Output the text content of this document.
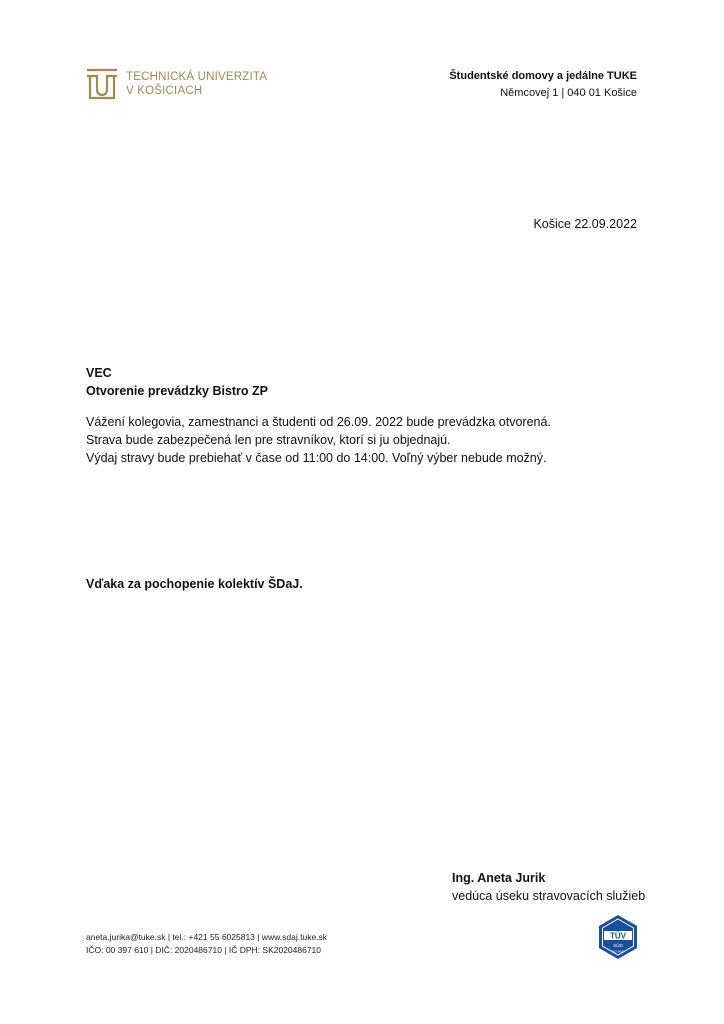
TECHNICKÁ UNIVERZITA
V KOŠICIACH
Študentské domovy a jedálne TUKE
Němcovej 1 | 040 01 Košice
Košice 22.09.2022
VEC
Otvorenie prevádzky Bistro ZP

Vážení kolegovia, zamestnanci a študenti od 26.09. 2022 bude prevádzka otvorená.

Strava bude zabezpečená len pre stravníkov, ktorí si ju objednajú.

Výdaj stravy bude prebiehať v čase od 11:00 do 14:00. Voľný výber nebude možný.

Vďaka za pochopenie kolektív ŠDaJ.
Ing. Aneta Jurik
vedúca úseku stravovacích služieb
aneta.jurika@tuke.sk | tel.: +421 55 6025813 | www.sdaj.tuke.sk
IČO: 00 397 610 | DIČ: 2020486710 | IČ DPH: SK2020486710
TÜV
SÜD
ISO 9001
